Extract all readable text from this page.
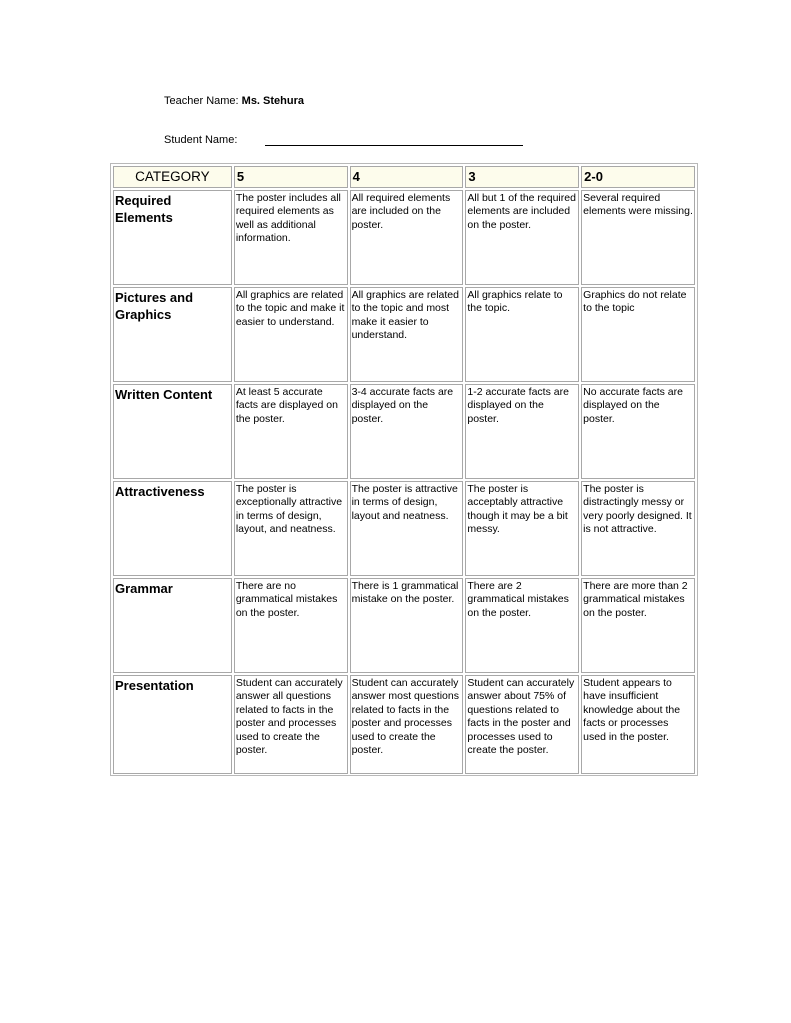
Teacher Name: Ms. Stehura
Student Name:
CATEGORY	5	4	3	2-0
Required Elements	The poster includes all required elements as well as additional information.	All required elements are included on the poster.	All but 1 of the required elements are included on the poster.	Several required elements were missing.
Pictures and Graphics	All graphics are related to the topic and make it easier to understand.	All graphics are related to the topic and most make it easier to understand.	All graphics relate to the topic.	Graphics do not relate to the topic
Written Content	At least 5 accurate facts are displayed on the poster.	3-4 accurate facts are displayed on the poster.	1-2 accurate facts are displayed on the poster.	No accurate facts are displayed on the poster.
Attractiveness	The poster is exceptionally attractive in terms of design, layout, and neatness.	The poster is attractive in terms of design, layout and neatness.	The poster is acceptably attractive though it may be a bit messy.	The poster is distractingly messy or very poorly designed. It is not attractive.
Grammar	There are no grammatical mistakes on the poster.	There is 1 grammatical mistake on the poster.	There are 2 grammatical mistakes on the poster.	There are more than 2 grammatical mistakes on the poster.
Presentation	Student can accurately answer all questions related to facts in the poster and processes used to create the poster.	Student can accurately answer most questions related to facts in the poster and processes used to create the poster.	Student can accurately answer about 75% of questions related to facts in the poster and processes used to create the poster.	Student appears to have insufficient knowledge about the facts or processes used in the poster.
